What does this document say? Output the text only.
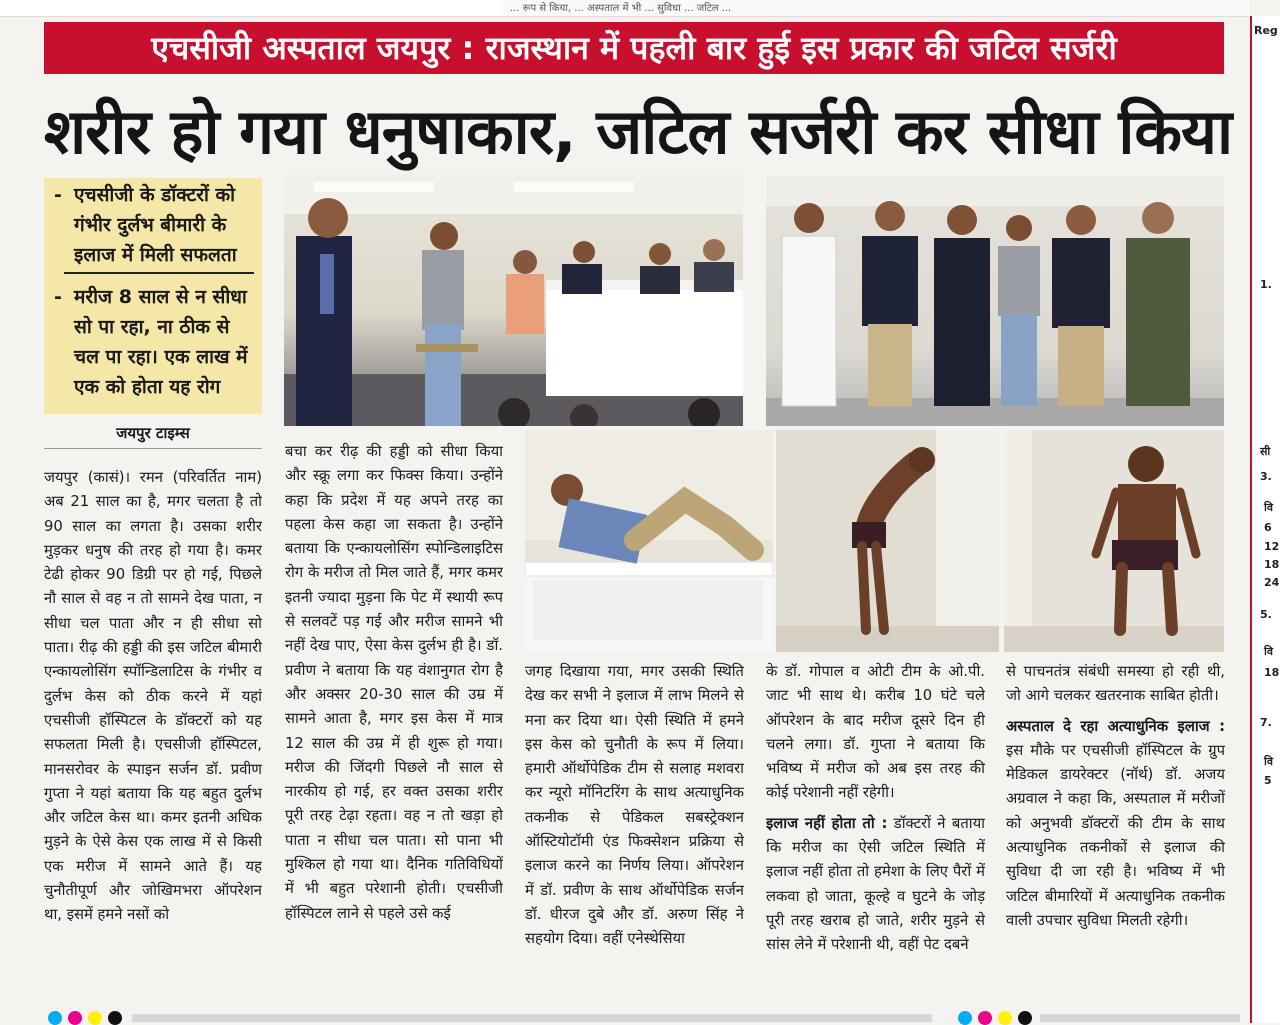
... रूप से किया, ... अस्पताल में भी ... सुविधा ... जटिल ...
एचसीजी अस्पताल जयपुर : राजस्थान में पहली बार हुई इस प्रकार की जटिल सर्जरी
शरीर हो गया धनुषाकार, जटिल सर्जरी कर सीधा किया
- एचसीजी के डॉक्टरों को गंभीर दुर्लभ बीमारी के इलाज में मिली सफलता
- मरीज 8 साल से न सीधा सो पा रहा, ना ठीक से चल पा रहा। एक लाख में एक को होता यह रोग
जयपुर टाइम्स

जयपुर (कासं)। रमन (परिवर्तित नाम) अब 21 साल का है, मगर चलता है तो 90 साल का लगता है। उसका शरीर मुड़कर धनुष की तरह हो गया है। कमर टेढी होकर 90 डिग्री पर हो गई, पिछले नौ साल से वह न तो सामने देख पाता, न सीधा चल पाता और न ही सीधा सो पाता। रीढ़ की हड्डी की इस जटिल बीमारी एन्कायलोसिंग स्पॉन्डिलाटिस के गंभीर व दुर्लभ केस को ठीक करने में यहां एचसीजी हॉस्पिटल के डॉक्टरों को यह सफलता मिली है। एचसीजी हॉस्पिटल, मानसरोवर के स्पाइन सर्जन डॉ. प्रवीण गुप्ता ने यहां बताया कि यह बहुत दुर्लभ और जटिल केस था। कमर इतनी अधिक मुड़ने के ऐसे केस एक लाख में से किसी एक मरीज में सामने आते हैं। यह चुनौतीपूर्ण और जोखिमभरा ऑपरेशन था, इसमें हमने नसों को

बचा कर रीढ़ की हड्डी को सीधा किया और स्क्रू लगा कर फिक्स किया। उन्होंने कहा कि प्रदेश में यह अपने तरह का पहला केस कहा जा सकता है। उन्होंने बताया कि एन्कायलोसिंग स्पोन्डिलाइटिस रोग के मरीज तो मिल जाते हैं, मगर कमर इतनी ज्यादा मुड़ना कि पेट में स्थायी रूप से सलवटें पड़ गई और मरीज सामने भी नहीं देख पाए, ऐसा केस दुर्लभ ही है। डॉ. प्रवीण ने बताया कि यह वंशानुगत रोग है और अक्सर 20-30 साल की उम्र में सामने आता है, मगर इस केस में मात्र 12 साल की उम्र में ही शुरू हो गया। मरीज की जिंदगी पिछले नौ साल से नारकीय हो गई, हर वक्त उसका शरीर पूरी तरह टेढ़ा रहता। वह न तो खड़ा हो पाता न सीधा चल पाता। सो पाना भी मुश्किल हो गया था। दैनिक गतिविधियों में भी बहुत परेशानी होती। एचसीजी हॉस्पिटल लाने से पहले उसे कई

जगह दिखाया गया, मगर उसकी स्थिति देख कर सभी ने इलाज में लाभ मिलने से मना कर दिया था। ऐसी स्थिति में हमने इस केस को चुनौती के रूप में लिया। हमारी ऑर्थोपेडिक टीम से सलाह मशवरा कर न्यूरो मॉनिटरिंग के साथ अत्याधुनिक तकनीक से पेडिकल सबस्ट्रेक्शन ऑस्टियोटॉमी एंड फिक्सेशन प्रक्रिया से इलाज करने का निर्णय लिया। ऑपरेशन में डॉ. प्रवीण के साथ ऑर्थोपेडिक सर्जन डॉ. धीरज दुबे और डॉ. अरुण सिंह ने सहयोग दिया। वहीं एनेस्थेसिया

के डॉ. गोपाल व ओटी टीम के ओ.पी. जाट भी साथ थे। करीब 10 घंटे चले ऑपरेशन के बाद मरीज दूसरे दिन ही चलने लगा। डॉ. गुप्ता ने बताया कि भविष्य में मरीज को अब इस तरह की कोई परेशानी नहीं रहेगी।

इलाज नहीं होता तो : डॉक्टरों ने बताया कि मरीज का ऐसी जटिल स्थिति में इलाज नहीं होता तो हमेशा के लिए पैरों में लकवा हो जाता, कूल्हे व घुटने के जोड़ पूरी तरह खराब हो जाते, शरीर मुड़ने से सांस लेने में परेशानी थी, वहीं पेट दबने

से पाचनतंत्र संबंधी समस्या हो रही थी, जो आगे चलकर खतरनाक साबित होती।

अस्पताल दे रहा अत्याधुनिक इलाज : इस मौके पर एचसीजी हॉस्पिटल के ग्रुप मेडिकल डायरेक्टर (नॉर्थ) डॉ. अजय अग्रवाल ने कहा कि, अस्पताल में मरीजों को अनुभवी डॉक्टरों की टीम के साथ अत्याधुनिक तकनीकों से इलाज की सुविधा दी जा रही है। भविष्य में भी जटिल बीमारियों में अत्याधुनिक तकनीक वाली उपचार सुविधा मिलती रहेगी।

Reg
1.
सी
3.
वि
6
12
18
24
5.
वि
18
7.
वि
5
